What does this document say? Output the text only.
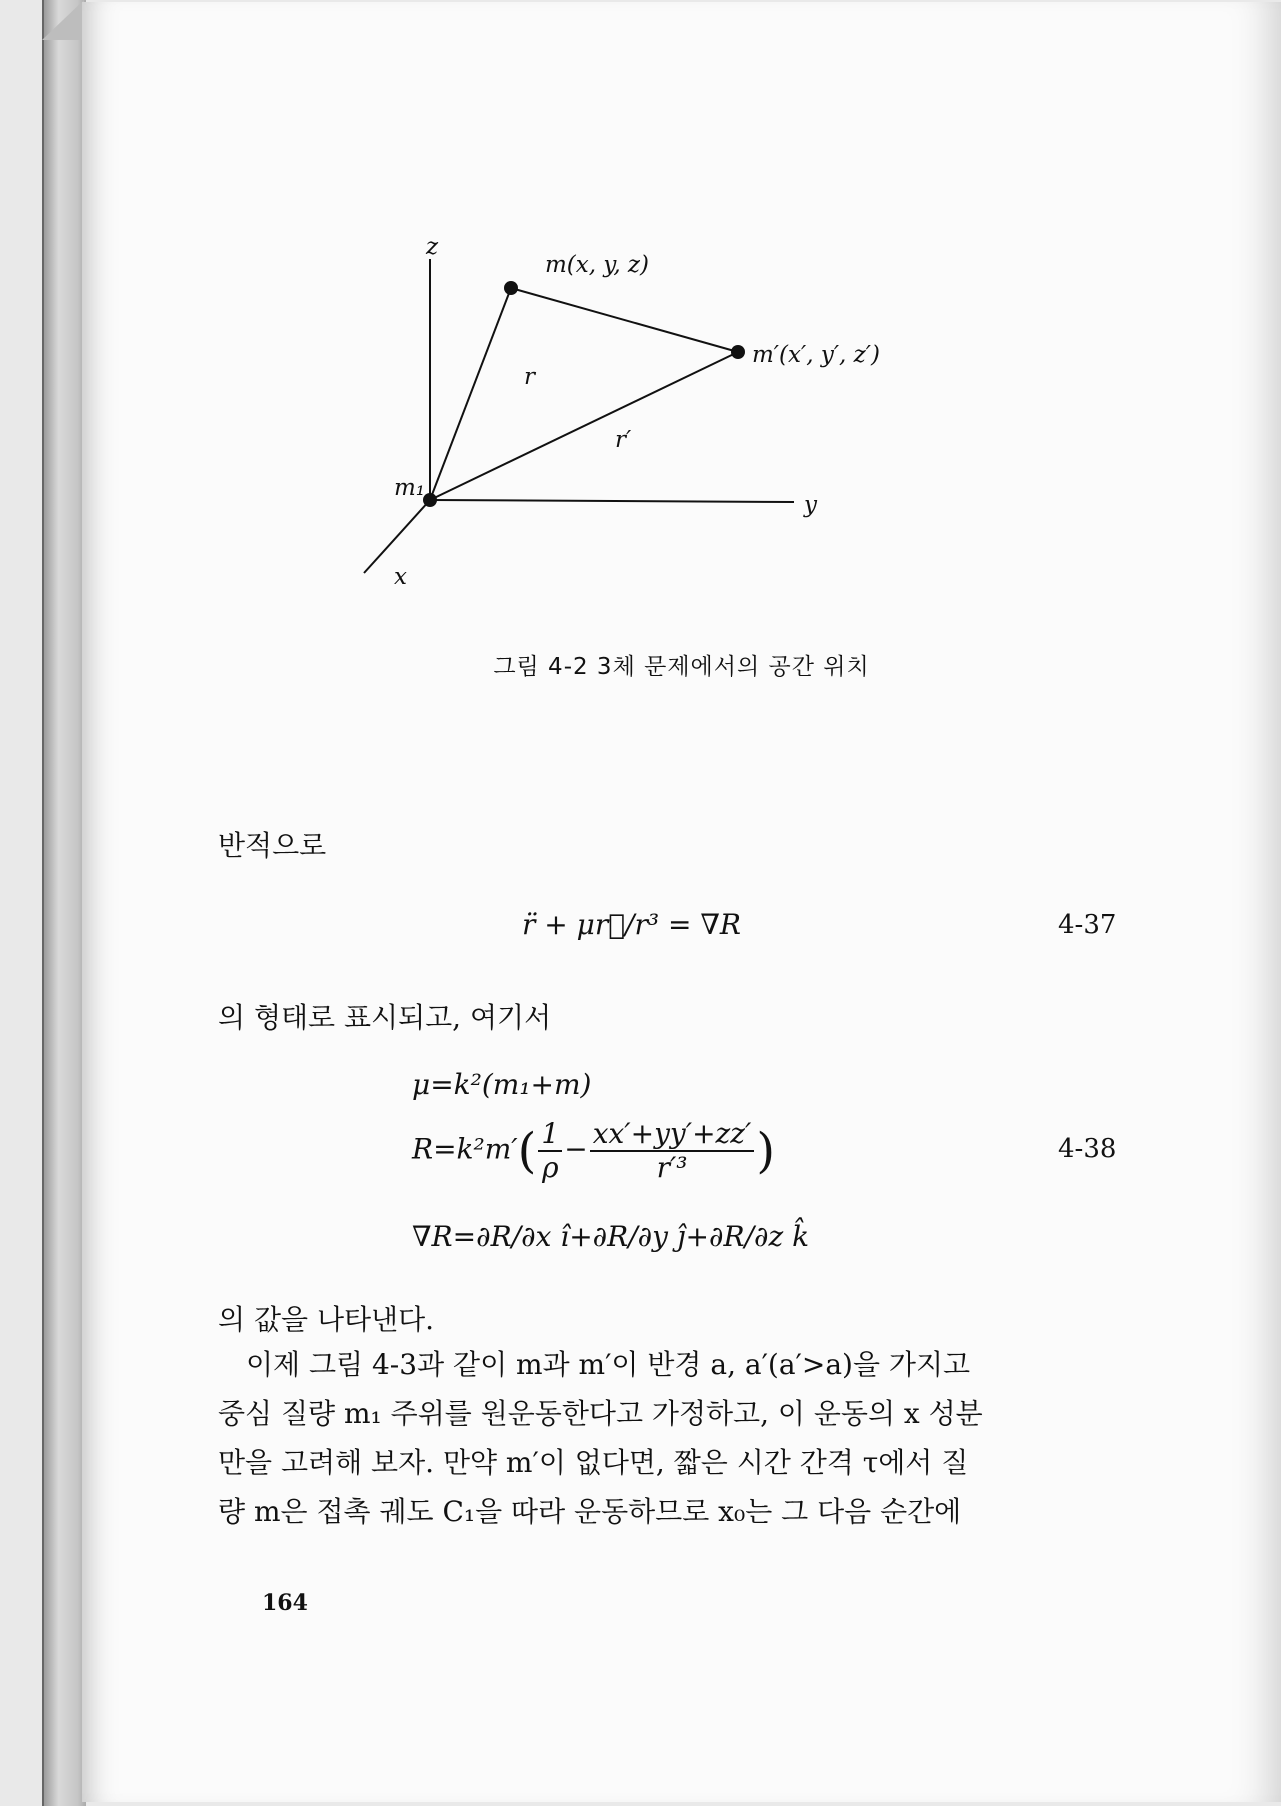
z
y
x
m(x, y, z)
m′(x′, y′, z′)
r
r′
m₁
그림 4-2 3체 문제에서의 공간 위치
반적으로
r̈ + μr⃗/r³ = ∇R	4-37
의 형태로 표시되고, 여기서
μ=k²(m₁+m)
$R=k^2m'( \frac{1}{\rho} - \frac{xx'+yy'+zz'}{\text{r′³}}$ )	4-38
∇R=∂R/∂x î+∂R/∂y ĵ+∂R/∂z k̂
의 값을 나타낸다.
이제 그림 4-3과 같이 m과 m′이 반경 a, a′(a′>a)을 가지고
중심 질량 m₁ 주위를 원운동한다고 가정하고, 이 운동의 x 성분
만을 고려해 보자. 만약 m′이 없다면, 짧은 시간 간격 τ에서 질
량 m은 접촉 궤도 C₁을 따라 운동하므로 x₀는 그 다음 순간에
164
